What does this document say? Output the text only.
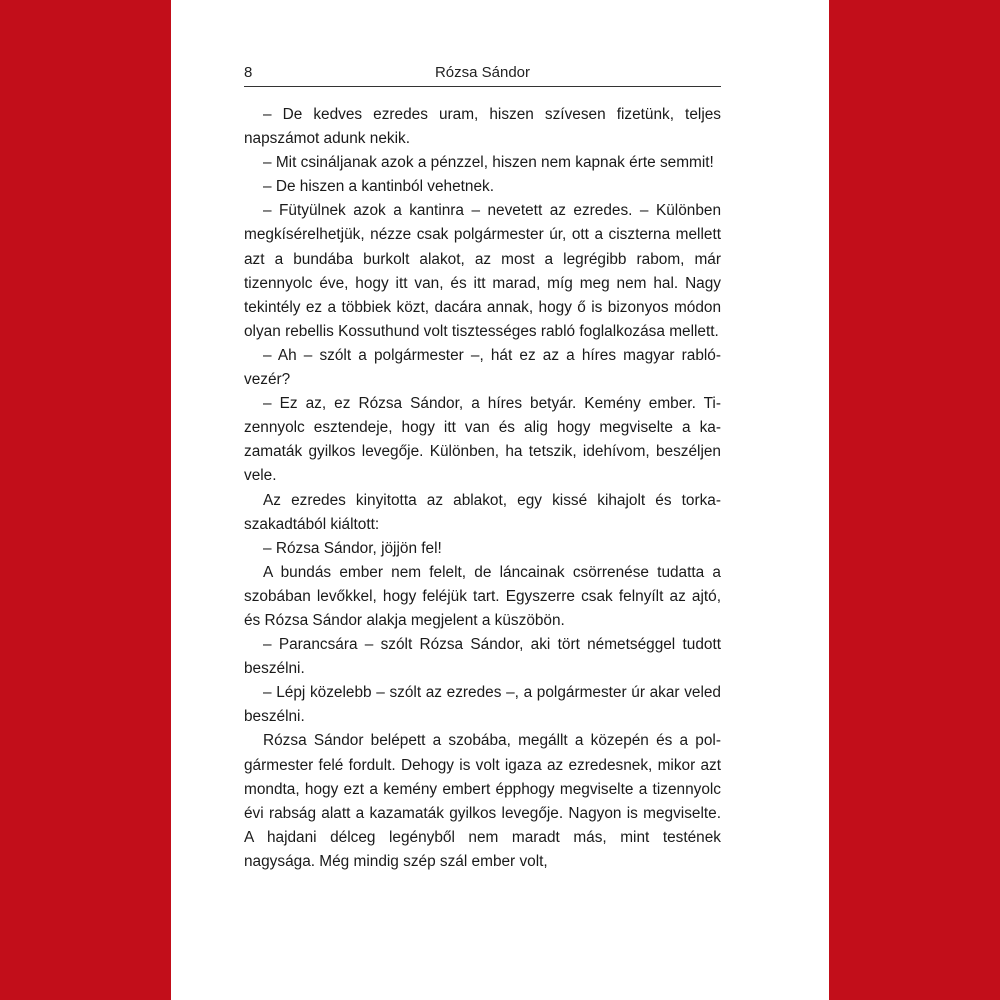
8	Rózsa Sándor

– De kedves ezredes uram, hiszen szívesen fizetünk, teljes napszámot adunk nekik.

– Mit csináljanak azok a pénzzel, hiszen nem kapnak érte semmit!

– De hiszen a kantinból vehetnek.

– Fütyülnek azok a kantinra – nevetett az ezredes. – Különben megkísérelhetjük, nézze csak polgármester úr, ott a ciszterna mellett azt a bundába burkolt alakot, az most a legrégibb rabom, már tizennyolc éve, hogy itt van, és itt marad, míg meg nem hal. Nagy tekintély ez a többiek közt, dacára annak, hogy ő is bizonyos módon olyan rebellis Kossuthund volt tisztességes rabló foglalkozása mellett.

– Ah – szólt a polgármester –, hát ez az a híres magyar rablóvezér?

– Ez az, ez Rózsa Sándor, a híres betyár. Kemény ember. Tizennyolc esztendeje, hogy itt van és alig hogy megviselte a kazamaták gyilkos levegője. Különben, ha tetszik, idehívom, beszéljen vele.

Az ezredes kinyitotta az ablakot, egy kissé kihajolt és torkaszakadtából kiáltott:

– Rózsa Sándor, jöjjön fel!

A bundás ember nem felelt, de láncainak csörrenése tudatta a szobában levőkkel, hogy feléjük tart. Egyszerre csak felnyílt az ajtó, és Rózsa Sándor alakja megjelent a küszöbön.

– Parancsára – szólt Rózsa Sándor, aki tört németséggel tudott beszélni.

– Lépj közelebb – szólt az ezredes –, a polgármester úr akar veled beszélni.

Rózsa Sándor belépett a szobába, megállt a közepén és a polgármester felé fordult. Dehogy is volt igaza az ezredesnek, mikor azt mondta, hogy ezt a kemény embert épphogy megviselte a tizennyolc évi rabság alatt a kazamaták gyilkos levegője. Nagyon is megviselte. A hajdani délceg legényből nem maradt más, mint testének nagysága. Még mindig szép szál ember volt,
